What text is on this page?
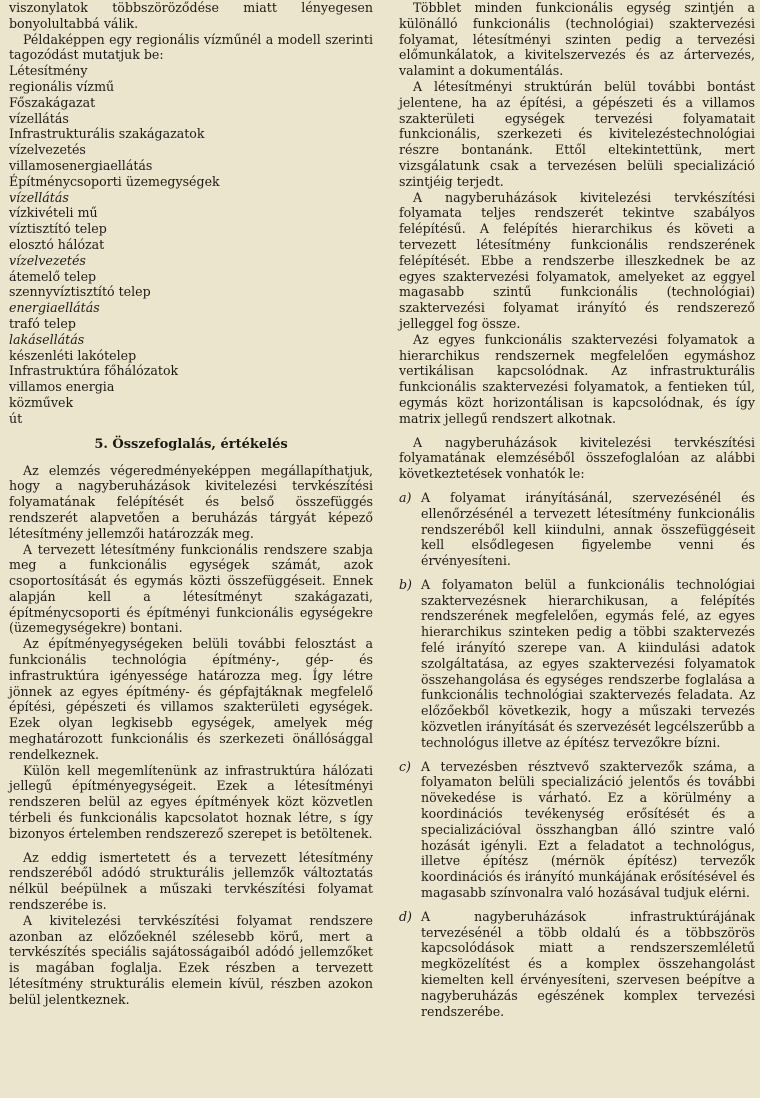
viszonylatok többszöröződése miatt lényegesen bonyolultabbá válik.

Példaképpen egy regionális vízműnél a modell szerinti tagozódást mutatjuk be:

Létesítmény
regionális vízmű
Főszakágazat
vízellátás
Infrastrukturális szakágazatok
vízelvezetés
villamosenergiaellátás
Építménycsoporti üzemegységek
vízellátás
vízkivételi mű
víztisztító telep
elosztó hálózat
vízelvezetés
átemelő telep
szennyvíztisztító telep
energiaellátás
trafó telep
lakásellátás
készenléti lakótelep
Infrastruktúra főhálózatok
villamos energia
közművek
út
5. Összefoglalás, értékelés

Az elemzés végeredményeképpen megállapíthatjuk, hogy a nagyberuházások kivitelezési tervkészítési folyamatának felépítését és belső összefüggés rendszerét alapvetően a beruházás tárgyát képező létesítmény jellemzői határozzák meg.

A tervezett létesítmény funkcionális rendszere szabja meg a funkcionális egységek számát, azok csoportosítását és egymás közti összefüggéseit. Ennek alapján kell a létesítményt szakágazati, építménycsoporti és építményi funkcionális egységekre (üzemegységekre) bontani.

Az építményegységeken belüli további felosztást a funkcionális technológia építmény-, gép- és infrastruktúra igényessége határozza meg. Így létre jönnek az egyes építmény- és gépfajtáknak megfelelő építési, gépészeti és villamos szakterületi egységek. Ezek olyan legkisebb egységek, amelyek még meghatározott funkcionális és szerkezeti önállósággal rendelkeznek.

Külön kell megemlítenünk az infrastruktúra hálózati jellegű építményegységeit. Ezek a létesítményi rendszeren belül az egyes építmények közt közvetlen térbeli és funkcionális kapcsolatot hoznak létre, s így bizonyos értelemben rendszerező szerepet is betöltenek.

Az eddig ismertetett és a tervezett létesítmény rendszeréből adódó strukturális jellemzők változtatás nélkül beépülnek a műszaki tervkészítési folyamat rendszerébe is.

A kivitelezési tervkészítési folyamat rendszere azonban az előzőeknél szélesebb körű, mert a tervkészítés speciális sajátosságaiból adódó jellemzőket is magában foglalja. Ezek részben a tervezett létesítmény strukturális elemein kívül, részben azokon belül jelentkeznek.

Többlet minden funkcionális egység szintjén a különálló funkcionális (technológiai) szaktervezési folyamat, létesítményi szinten pedig a tervezési előmunkálatok, a kivitelszervezés és az ártervezés, valamint a dokumentálás.

A létesítményi struktúrán belül további bontást jelentene, ha az építési, a gépészeti és a villamos szakterületi egységek tervezési folyamatait funkcionális, szerkezeti és kivitelezéstechnológiai részre bontanánk. Ettől eltekintettünk, mert vizsgálatunk csak a tervezésen belüli specializáció szintjéig terjedt.

A nagyberuházások kivitelezési tervkészítési folyamata teljes rendszerét tekintve szabályos felépítésű. A felépítés hierarchikus és követi a tervezett létesítmény funkcionális rendszerének felépítését. Ebbe a rendszerbe illeszkednek be az egyes szaktervezési folyamatok, amelyeket az eggyel magasabb szintű funkcionális (technológiai) szaktervezési folyamat irányító és rendszerező jelleggel fog össze.

Az egyes funkcionális szaktervezési folyamatok a hierarchikus rendszernek megfelelően egymáshoz vertikálisan kapcsolódnak. Az infrastrukturális funkcionális szaktervezési folyamatok, a fentieken túl, egymás közt horizontálisan is kapcsolódnak, és így matrix jellegű rendszert alkotnak.

A nagyberuházások kivitelezési tervkészítési folyamatának elemzéséből összefoglalóan az alábbi következtetések vonhatók le:

a) A folyamat irányításánál, szervezésénél és ellenőrzésénél a tervezett létesítmény funkcionális rendszeréből kell kiindulni, annak összefüggéseit kell elsődlegesen figyelembe venni és érvényesíteni.
b) A folyamaton belül a funkcionális technológiai szaktervezésnek hierarchikusan, a felépítés rendszerének megfelelően, egymás felé, az egyes hierarchikus szinteken pedig a többi szaktervezés felé irányító szerepe van. A kiindulási adatok szolgáltatása, az egyes szaktervezési folyamatok összehangolása és egységes rendszerbe foglalása a funkcionális technológiai szaktervezés feladata. Az előzőekből következik, hogy a műszaki tervezés közvetlen irányítását és szervezését legcélszerűbb a technológus illetve az építész tervezőkre bízni.
c) A tervezésben résztvevő szaktervezők száma, a folyamaton belüli specializáció jelentős és további növekedése is várható. Ez a körülmény a koordinációs tevékenység erősítését és a specializációval összhangban álló szintre való hozását igényli. Ezt a feladatot a technológus, illetve építész (mérnök építész) tervezők koordinációs és irányító munkájának erősítésével és magasabb színvonalra való hozásával tudjuk elérni.
d) A nagyberuházások infrastruktúrájának tervezésénél a több oldalú és a többszörös kapcsolódások miatt a rendszerszemléletű megközelítést és a komplex összehangolást kiemelten kell érvényesíteni, szervesen beépítve a nagyberuházás egészének komplex tervezési rendszerébe.
